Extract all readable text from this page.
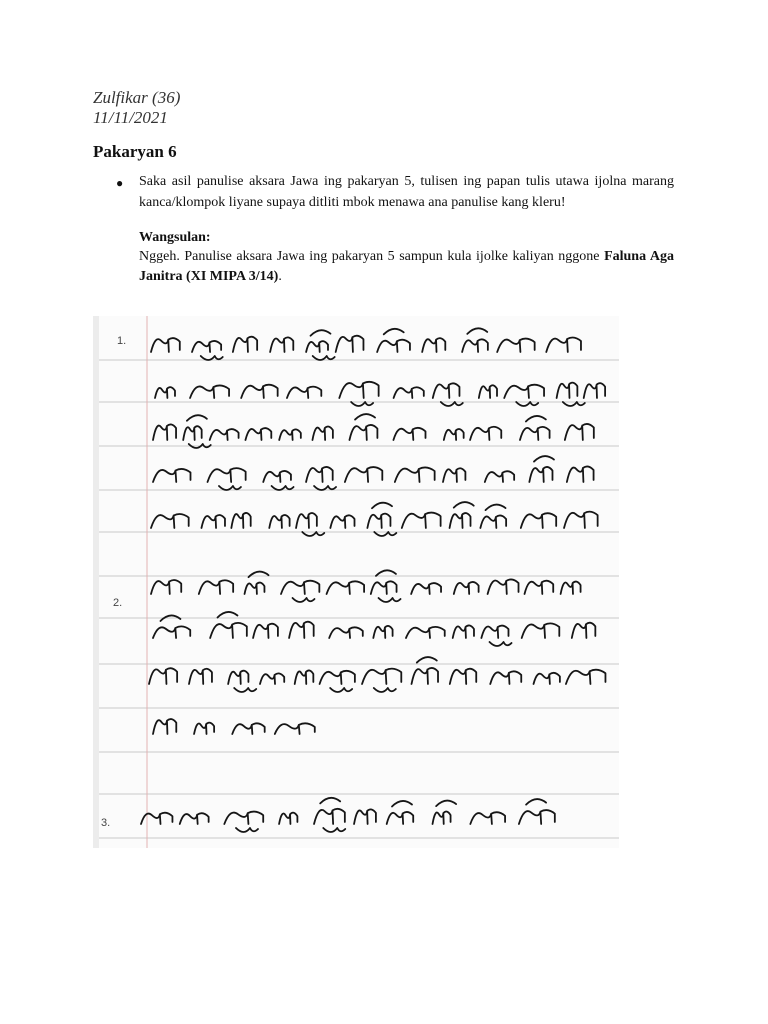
Zulfikar (36)
11/11/2021
Pakaryan 6
● Saka asil panulise aksara Jawa ing pakaryan 5, tulisen ing papan tulis utawa ijolna marang kanca/klompok liyane supaya ditliti mbok menawa ana panulise kang kleru!
Wangsulan:
Nggeh. Panulise aksara Jawa ing pakaryan 5 sampun kula ijolke kaliyan nggone Faluna Aga Janitra (XI MIPA 3/14).
1.
2.
3.
